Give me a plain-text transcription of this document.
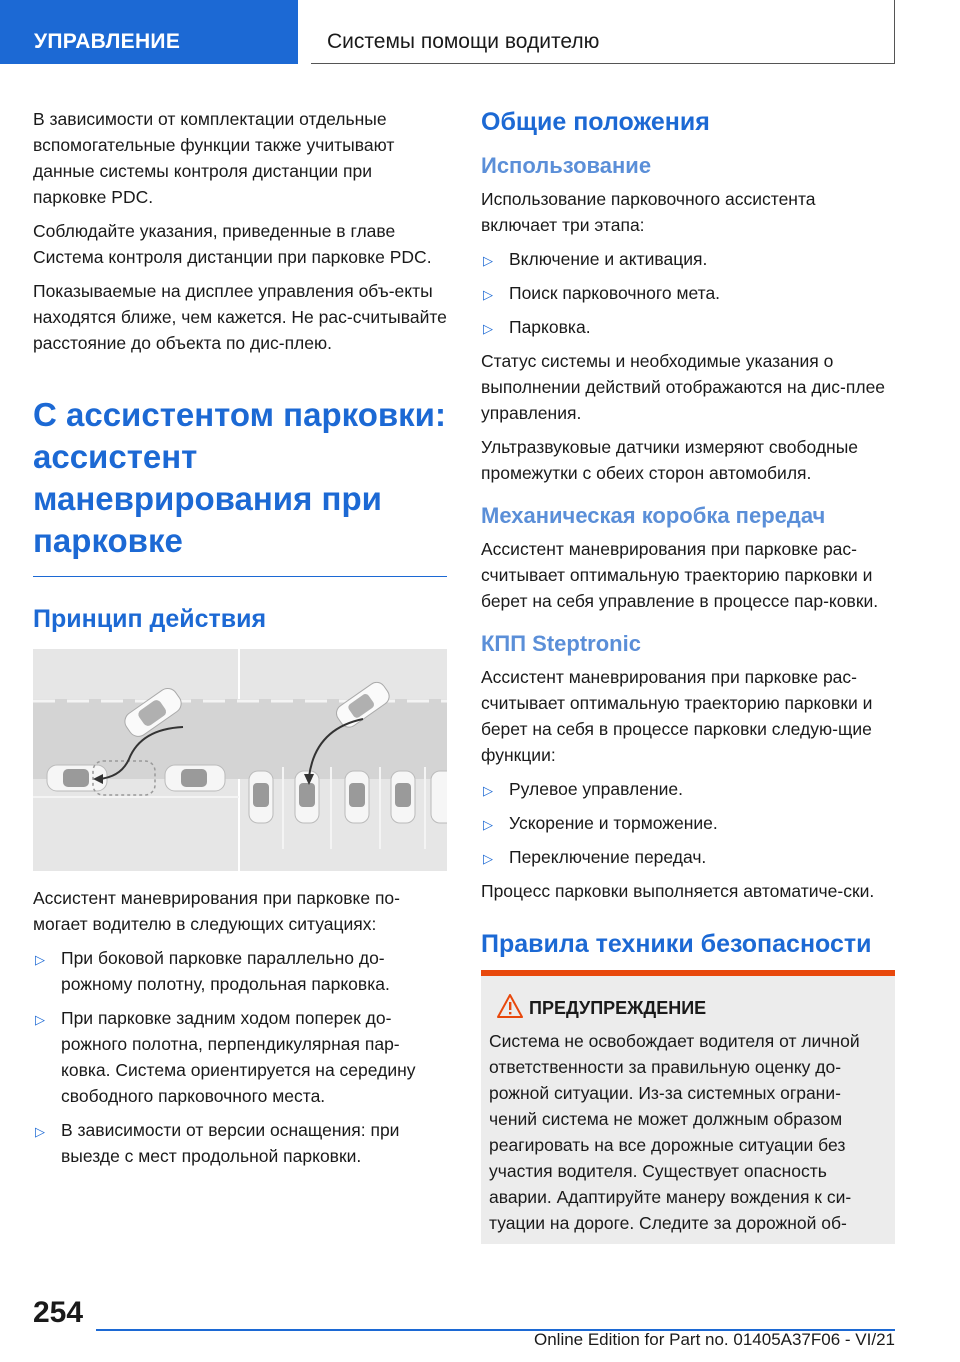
УПРАВЛЕНИЕ	Системы помощи водителю

В зависимости от комплектации отдельные вспомогательные функции также учитывают данные системы контроля дистанции при парковке PDC.

Соблюдайте указания, приведенные в главе Система контроля дистанции при парковке PDC.

Показываемые на дисплее управления объ-екты находятся ближе, чем кажется. Не рас-считывайте расстояние до объекта по дис-плею.

С ассистентом парковки: ассистент маневрирования при парковке
Принцип действия

Ассистент маневрирования при парковке по-могает водителю в следующих ситуациях:

▷ При боковой парковке параллельно до-рожному полотну, продольная парковка.
▷ При парковке задним ходом поперек до-рожного полотна, перпендикулярная пар-ковка. Система ориентируется на середину свободного парковочного места.
▷ В зависимости от версии оснащения: при выезде с мест продольной парковки.
Общие положения
Использование

Использование парковочного ассистента включает три этапа:

▷ Включение и активация.
▷ Поиск парковочного мета.
▷ Парковка.

Статус системы и необходимые указания о выполнении действий отображаются на дис-плее управления.

Ультразвуковые датчики измеряют свободные промежутки с обеих сторон автомобиля.

Механическая коробка передач

Ассистент маневрирования при парковке рас-считывает оптимальную траекторию парковки и берет на себя управление в процессе пар-ковки.

КПП Steptronic

Ассистент маневрирования при парковке рас-считывает оптимальную траекторию парковки и берет на себя в процессе парковки следую-щие функции:

▷ Рулевое управление.
▷ Ускорение и торможение.
▷ Переключение передач.

Процесс парковки выполняется автоматиче-ски.

Правила техники безопасности
ПРЕДУПРЕЖДЕНИЕ

Система не освобождает водителя от личной ответственности за правильную оценку до-рожной ситуации. Из-за системных ограни-чений система не может должным образом реагировать на все дорожные ситуации без участия водителя. Существует опасность аварии. Адаптируйте манеру вождения к си-туации на дороге. Следите за дорожной об-

254
Online Edition for Part no. 01405A37F06 - VI/21
